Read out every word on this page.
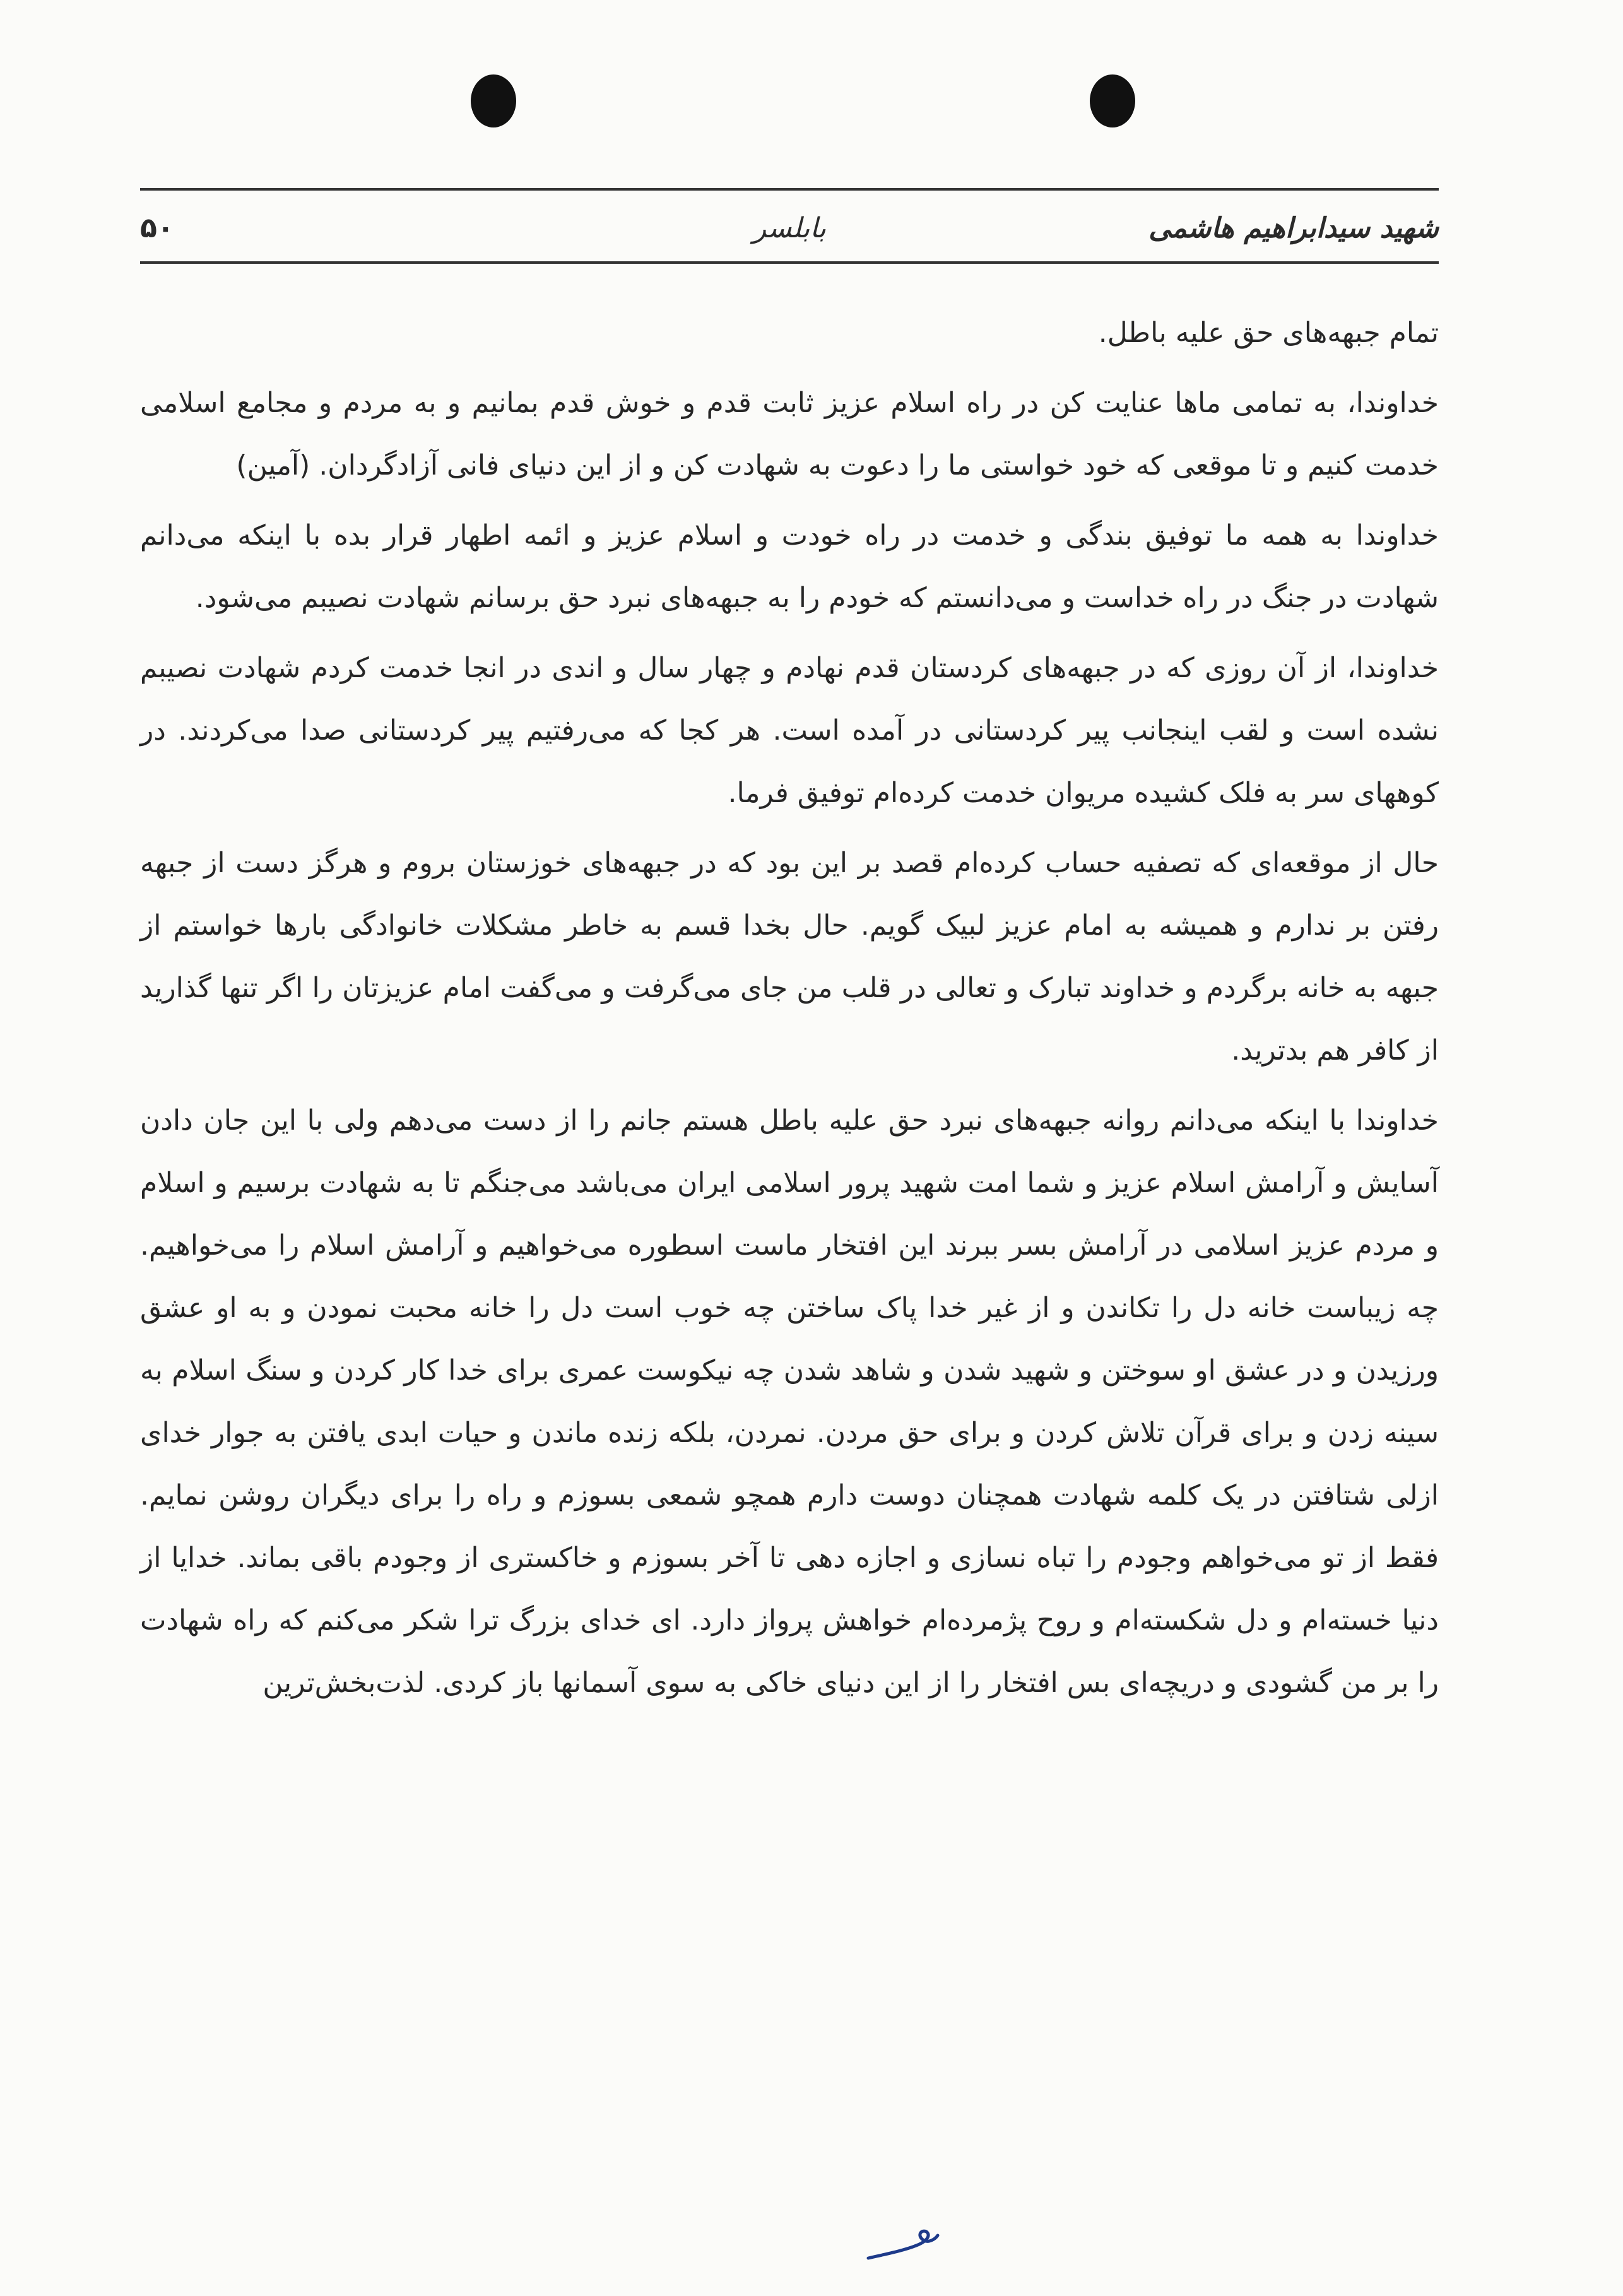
شهید سیدابراهیم هاشمی
بابلسر
۵۰

تمام جبهه‌های حق علیه باطل.

خداوندا، به تمامی ماها عنایت کن در راه اسلام عزیز ثابت قدم و خوش قدم بمانیم و به مردم و مجامع اسلامی خدمت کنیم و تا موقعی که خود خواستی ما را دعوت به شهادت کن و از این دنیای فانی آزادگردان. (آمین)

خداوندا به همه ما توفیق بندگی و خدمت در راه خودت و اسلام عزیز و ائمه اطهار قرار بده با اینکه می‌دانم شهادت در جنگ در راه خداست و می‌دانستم که خودم را به جبهه‌های نبرد حق برسانم شهادت نصیبم می‌شود.

خداوندا، از آن روزی که در جبهه‌های کردستان قدم نهادم و چهار سال و اندی در انجا خدمت کردم شهادت نصیبم نشده است و لقب اینجانب پیر کردستانی در آمده است. هر کجا که می‌رفتیم پیر کردستانی صدا می‌کردند. در کوههای سر به فلک کشیده مریوان خدمت کرده‌ام توفیق فرما.

حال از موقعه‌ای که تصفیه حساب کرده‌ام قصد بر این بود که در جبهه‌های خوزستان بروم و هرگز دست از جبهه رفتن بر ندارم و همیشه به امام عزیز لبیک گویم. حال بخدا قسم به خاطر مشکلات خانوادگی بارها خواستم از جبهه به خانه برگردم و خداوند تبارک و تعالی در قلب من جای می‌گرفت و می‌گفت امام عزیزتان را اگر تنها گذارید از کافر هم بدترید.

خداوندا با اینکه می‌دانم روانه جبهه‌های نبرد حق علیه باطل هستم جانم را از دست می‌دهم ولی با این جان دادن آسایش و آرامش اسلام عزیز و شما امت شهید پرور اسلامی ایران می‌باشد می‌جنگم تا به شهادت برسیم و اسلام و مردم عزیز اسلامی در آرامش بسر ببرند این افتخار ماست اسطوره می‌خواهیم و آرامش اسلام را می‌خواهیم. چه زیباست خانه دل را تکاندن و از غیر خدا پاک ساختن چه خوب است دل را خانه محبت نمودن و به او عشق ورزیدن و در عشق او سوختن و شهید شدن و شاهد شدن چه نیکوست عمری برای خدا کار کردن و سنگ اسلام به سینه زدن و برای قرآن تلاش کردن و برای حق مردن. نمردن، بلکه زنده ماندن و حیات ابدی یافتن به جوار خدای ازلی شتافتن در یک کلمه شهادت همچنان دوست دارم همچو شمعی بسوزم و راه را برای دیگران روشن نمایم. فقط از تو می‌خواهم وجودم را تباه نسازی و اجازه دهی تا آخر بسوزم و خاکستری از وجودم باقی بماند. خدایا از دنیا خسته‌ام و دل شکسته‌ام و روح پژمرده‌ام خواهش پرواز دارد. ای خدای بزرگ ترا شکر می‌کنم که راه شهادت را بر من گشودی و دریچه‌ای بس افتخار را از این دنیای خاکی به سوی آسمانها باز کردی. لذت‌بخش‌ترین
